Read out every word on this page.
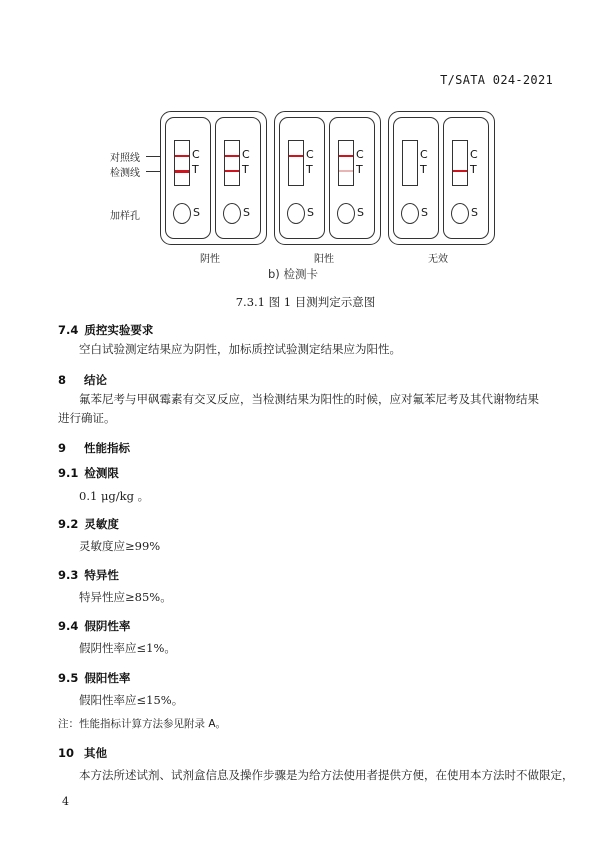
T/SATA 024-2021
对照线
检测线
加样孔
阴性	阳性	无效
C
T
S
C
T
S
C
T
S
C
T
S
C
T
S
C
T
S
b) 检测卡
7.3.1 图 1 目测判定示意图
7.4 质控实验要求
空白试验测定结果应为阴性，加标质控试验测定结果应为阳性。
8 结论
氟苯尼考与甲砜霉素有交叉反应，当检测结果为阳性的时候，应对氟苯尼考及其代谢物结果进行确证。
9 性能指标
9.1 检测限
0.1 μg/kg 。
9.2 灵敏度
灵敏度应≥99%
9.3 特异性
特异性应≥85%。
9.4 假阴性率
假阴性率应≤1%。
9.5 假阳性率
假阳性率应≤15%。
注：性能指标计算方法参见附录 A。
10 其他
本方法所述试剂、试剂盒信息及操作步骤是为给方法使用者提供方便，在使用本方法时不做限定，
4
